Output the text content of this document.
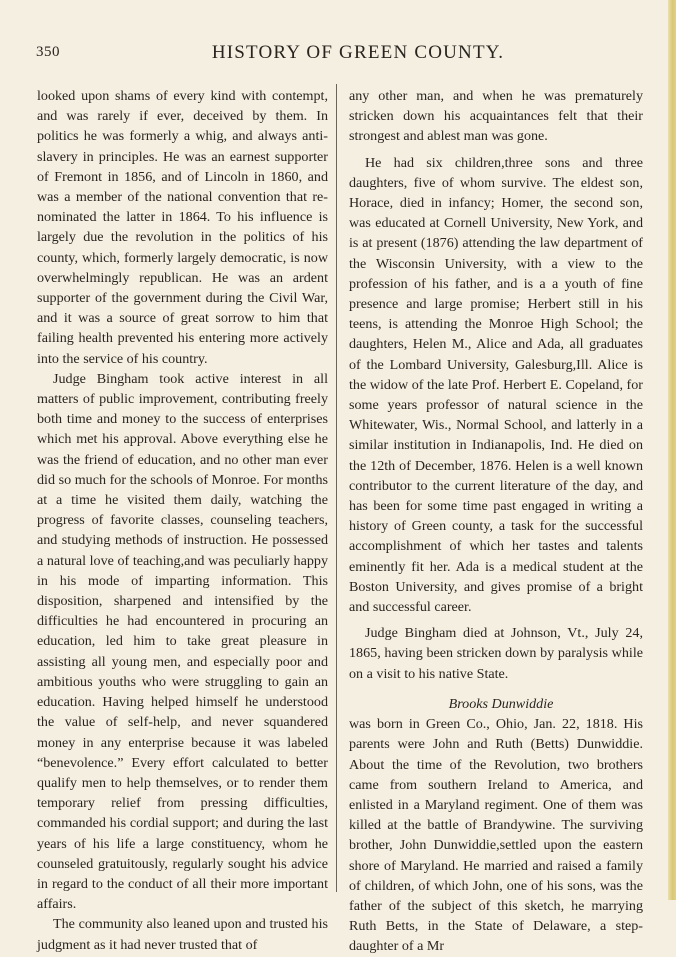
350	HISTORY OF GREEN COUNTY.

looked upon shams of every kind with contempt, and was rarely if ever, deceived by them. In politics he was formerly a whig, and always anti-slavery in principles. He was an earnest supporter of Fremont in 1856, and of Lincoln in 1860, and was a member of the national convention that re-nominated the latter in 1864. To his influence is largely due the revolution in the politics of his county, which, formerly largely democratic, is now overwhelmingly republican. He was an ardent supporter of the government during the Civil War, and it was a source of great sorrow to him that failing health prevented his entering more actively into the service of his country.

Judge Bingham took active interest in all matters of public improvement, contributing freely both time and money to the success of enterprises which met his approval. Above everything else he was the friend of education, and no other man ever did so much for the schools of Monroe. For months at a time he visited them daily, watching the progress of favorite classes, counseling teachers, and studying methods of instruction. He possessed a natural love of teaching,and was peculiarly happy in his mode of imparting information. This disposition, sharpened and intensified by the difficulties he had encountered in procuring an education, led him to take great pleasure in assisting all young men, and especially poor and ambitious youths who were struggling to gain an education. Having helped himself he understood the value of self-help, and never squandered money in any enterprise because it was labeled “benevolence.” Every effort calculated to better qualify men to help themselves, or to render them temporary relief from pressing difficulties, commanded his cordial support; and during the last years of his life a large constituency, whom he counseled gratuitously, regularly sought his advice in regard to the conduct of all their more important affairs.

The community also leaned upon and trusted his judgment as it had never trusted that of

any other man, and when he was prematurely stricken down his acquaintances felt that their strongest and ablest man was gone.

He had six children,three sons and three daughters, five of whom survive. The eldest son, Horace, died in infancy; Homer, the second son, was educated at Cornell University, New York, and is at present (1876) attending the law department of the Wisconsin University, with a view to the profession of his father, and is a a youth of fine presence and large promise; Herbert still in his teens, is attending the Monroe High School; the daughters, Helen M., Alice and Ada, all graduates of the Lombard University, Galesburg,Ill. Alice is the widow of the late Prof. Herbert E. Copeland, for some years professor of natural science in the Whitewater, Wis., Normal School, and latterly in a similar institution in Indianapolis, Ind. He died on the 12th of December, 1876. Helen is a well known contributor to the current literature of the day, and has been for some time past engaged in writing a history of Green county, a task for the successful accomplishment of which her tastes and talents eminently fit her. Ada is a medical student at the Boston University, and gives promise of a bright and successful career.

Judge Bingham died at Johnson, Vt., July 24, 1865, having been stricken down by paralysis while on a visit to his native State.

Brooks Dunwiddie

was born in Green Co., Ohio, Jan. 22, 1818. His parents were John and Ruth (Betts) Dunwiddie. About the time of the Revolution, two brothers came from southern Ireland to America, and enlisted in a Maryland regiment. One of them was killed at the battle of Brandywine. The surviving brother, John Dunwiddie,settled upon the eastern shore of Maryland. He married and raised a family of children, of which John, one of his sons, was the father of the subject of this sketch, he marrying Ruth Betts, in the State of Delaware, a step-daughter of a Mr
